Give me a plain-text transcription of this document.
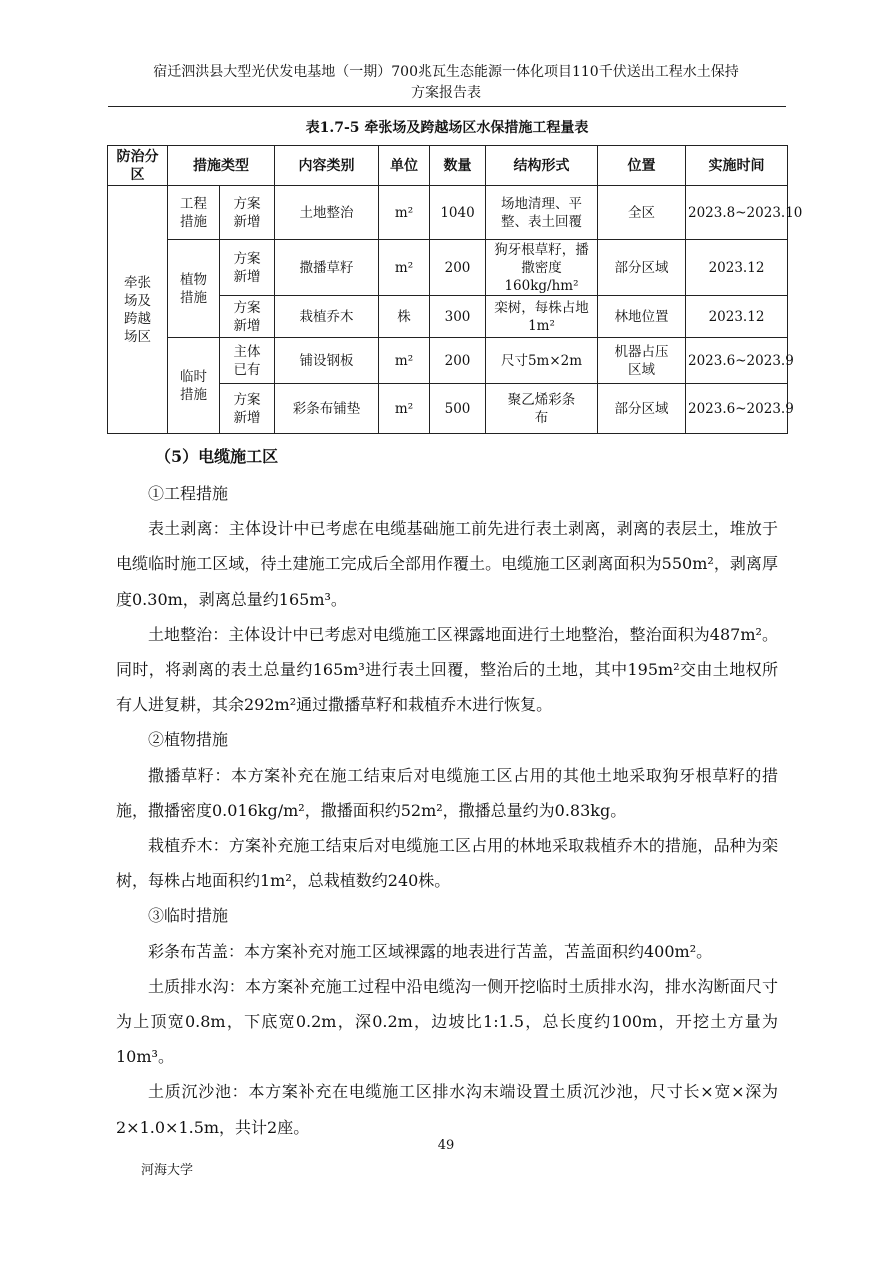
宿迁泗洪县大型光伏发电基地（一期）700兆瓦生态能源一体化项目110千伏送出工程水土保持
方案报告表
表1.7-5 牵张场及跨越场区水保措施工程量表
防治分区	措施类型		内容类别	单位	数量	结构形式	位置	实施时间
牵张场及跨越场区	工程措施	方案新增	土地整治	m²	1040	场地清理、平整、表土回覆	全区	2023.8~2023.10
	植物措施	方案新增	撒播草籽	m²	200	狗牙根草籽，播撒密度160kg/hm²	部分区域	2023.12
		方案新增	栽植乔木	株	300	栾树，每株占地1m²	林地位置	2023.12
	临时措施	主体已有	铺设钢板	m²	200	尺寸5m×2m	机器占压区域	2023.6~2023.9
		方案新增	彩条布铺垫	m²	500	聚乙烯彩条布	部分区域	2023.6~2023.9
（5）电缆施工区

①工程措施

表土剥离：主体设计中已考虑在电缆基础施工前先进行表土剥离，剥离的表层土，堆放于电缆临时施工区域，待土建施工完成后全部用作覆土。电缆施工区剥离面积为550m²，剥离厚度0.30m，剥离总量约165m³。

土地整治：主体设计中已考虑对电缆施工区裸露地面进行土地整治，整治面积为487m²。同时，将剥离的表土总量约165m³进行表土回覆，整治后的土地，其中195m²交由土地权所有人进复耕，其余292m²通过撒播草籽和栽植乔木进行恢复。

②植物措施

撒播草籽：本方案补充在施工结束后对电缆施工区占用的其他土地采取狗牙根草籽的措施，撒播密度0.016kg/m²，撒播面积约52m²，撒播总量约为0.83kg。

栽植乔木：方案补充施工结束后对电缆施工区占用的林地采取栽植乔木的措施，品种为栾树，每株占地面积约1m²，总栽植数约240株。

③临时措施

彩条布苫盖：本方案补充对施工区域裸露的地表进行苫盖，苫盖面积约400m²。

土质排水沟：本方案补充施工过程中沿电缆沟一侧开挖临时土质排水沟，排水沟断面尺寸为上顶宽0.8m，下底宽0.2m，深0.2m，边坡比1:1.5，总长度约100m，开挖土方量为10m³。

土质沉沙池：本方案补充在电缆施工区排水沟末端设置土质沉沙池，尺寸长×宽×深为2×1.0×1.5m，共计2座。

49
河海大学
